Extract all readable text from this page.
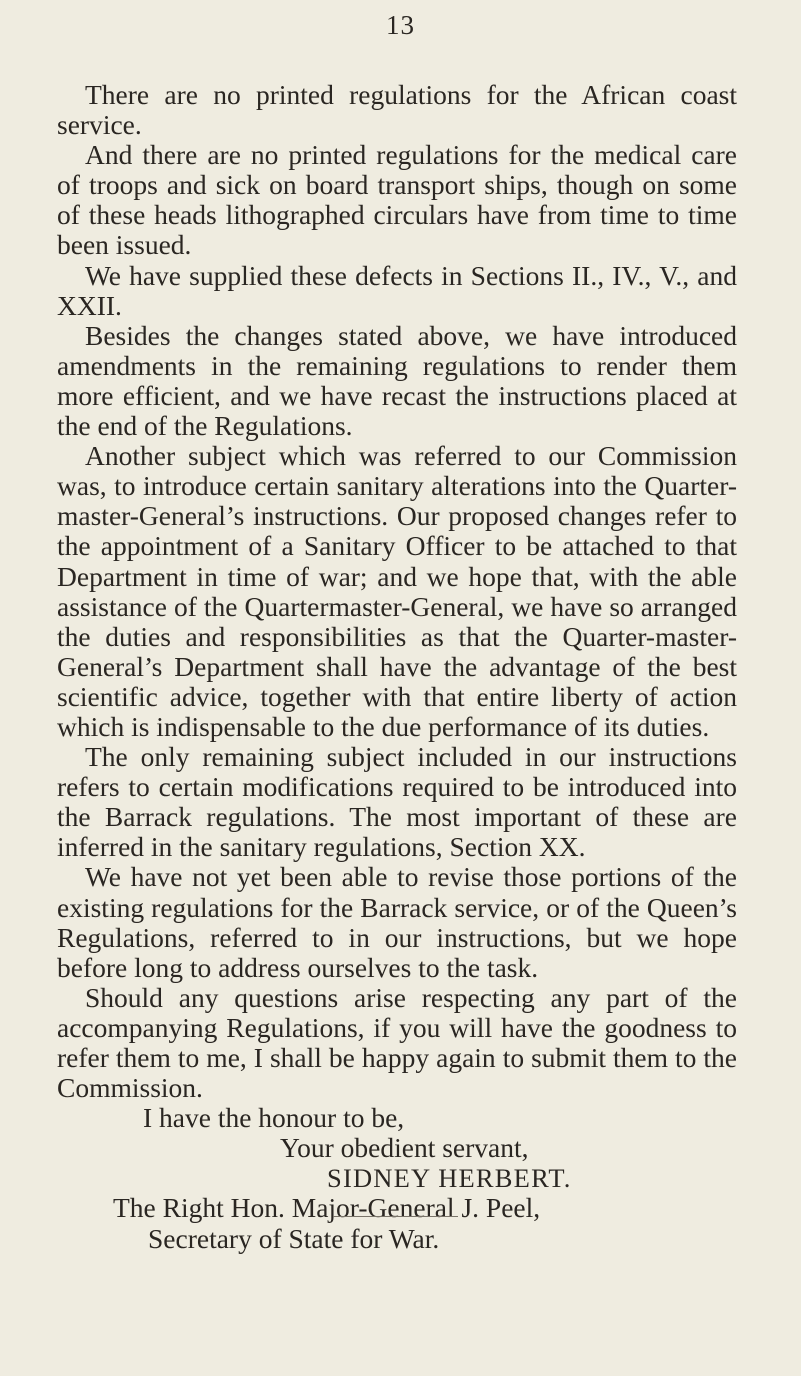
13

There are no printed regulations for the African coast service.

And there are no printed regulations for the medical care of troops and sick on board transport ships, though on some of these heads lithographed circulars have from time to time been issued.

We have supplied these defects in Sections II., IV., V., and XXII.

Besides the changes stated above, we have introduced amendments in the remaining regulations to render them more efficient, and we have recast the instructions placed at the end of the Regulations.

Another subject which was referred to our Commission was, to introduce certain sanitary alterations into the Quarter-master-General’s instructions. Our proposed changes refer to the appointment of a Sanitary Officer to be attached to that Department in time of war; and we hope that, with the able assistance of the Quartermaster-General, we have so arranged the duties and responsibilities as that the Quarter-master-General’s Department shall have the advantage of the best scientific advice, together with that entire liberty of action which is indispensable to the due performance of its duties.

The only remaining subject included in our instructions refers to certain modifications required to be introduced into the Barrack regulations. The most important of these are inferred in the sanitary regulations, Section XX.

We have not yet been able to revise those portions of the existing regulations for the Barrack service, or of the Queen’s Regulations, referred to in our instructions, but we hope before long to address ourselves to the task.

Should any questions arise respecting any part of the accompanying Regulations, if you will have the goodness to refer them to me, I shall be happy again to submit them to the Commission.

I have the honour to be,

Your obedient servant,

SIDNEY HERBERT.

The Right Hon. Major-General J. Peel,

Secretary of State for War.
